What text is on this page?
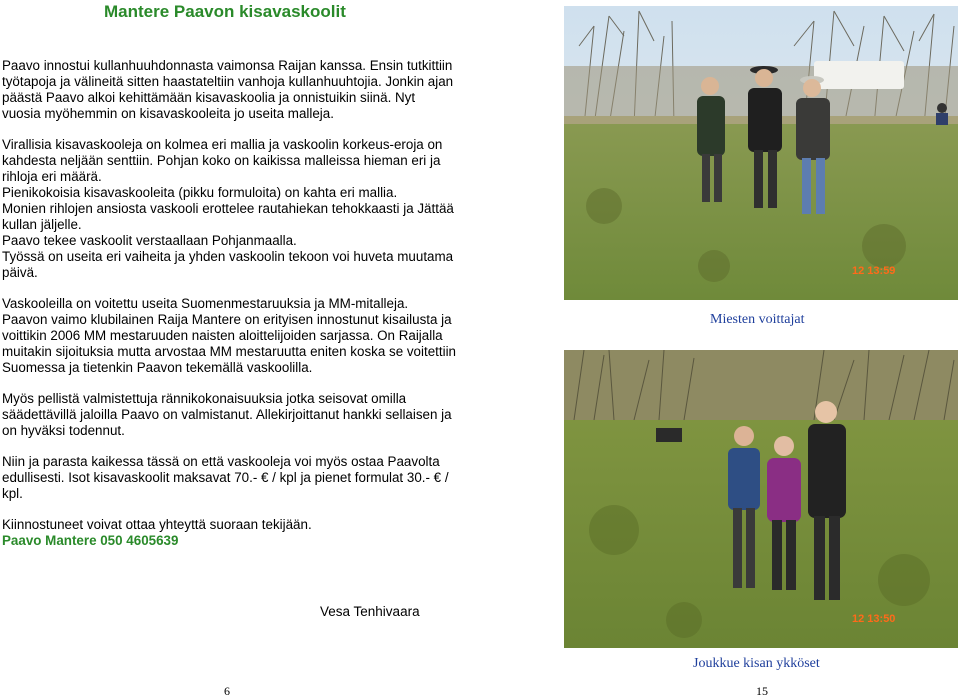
Mantere Paavon kisavaskoolit

Paavo innostui kullanhuuhdonnasta vaimonsa Raijan kanssa. Ensin tutkittiin työtapoja ja välineitä sitten haastateltiin vanhoja kullanhuuhtojia. Jonkin ajan päästä Paavo alkoi kehittämään kisavaskoolia ja onnistuikin siinä. Nyt vuosia myöhemmin on kisavaskooleita jo useita malleja.

Virallisia kisavaskooleja on kolmea eri mallia ja vaskoolin korkeus-eroja on kahdesta neljään senttiin. Pohjan koko on kaikissa malleissa hieman eri ja rihloja eri määrä.

Pienikokoisia kisavaskooleita (pikku formuloita) on kahta eri mallia.

Monien rihlojen ansiosta vaskooli erottelee rautahiekan tehokkaasti ja Jättää kullan jäljelle.

Paavo tekee vaskoolit verstaallaan Pohjanmaalla.

Työssä on useita eri vaiheita ja yhden vaskoolin tekoon voi huveta muutama päivä.

Vaskooleilla on voitettu useita Suomenmestaruuksia ja MM-mitalleja.

Paavon vaimo klubilainen Raija Mantere on erityisen innostunut kisailusta ja voittikin 2006 MM mestaruuden naisten aloittelijoiden sarjassa. On Raijalla muitakin sijoituksia mutta arvostaa MM mestaruutta eniten koska se voitettiin Suomessa ja tietenkin Paavon tekemällä vaskoolilla.

Myös pellistä valmistettuja rännikokonaisuuksia jotka seisovat omilla säädettävillä jaloilla Paavo on valmistanut. Allekirjoittanut hankki sellaisen ja on hyväksi todennut.

Niin ja parasta kaikessa tässä on että vaskooleja voi myös ostaa Paavolta edullisesti. Isot kisavaskoolit maksavat 70.- € / kpl ja pienet formulat 30.- € / kpl.

Kiinnostuneet voivat ottaa yhteyttä suoraan tekijään.

Paavo Mantere 050 4605639

Vesa Tenhivaara
6	15
12 13:59
Miesten voittajat
12 13:50
Joukkue kisan ykköset
